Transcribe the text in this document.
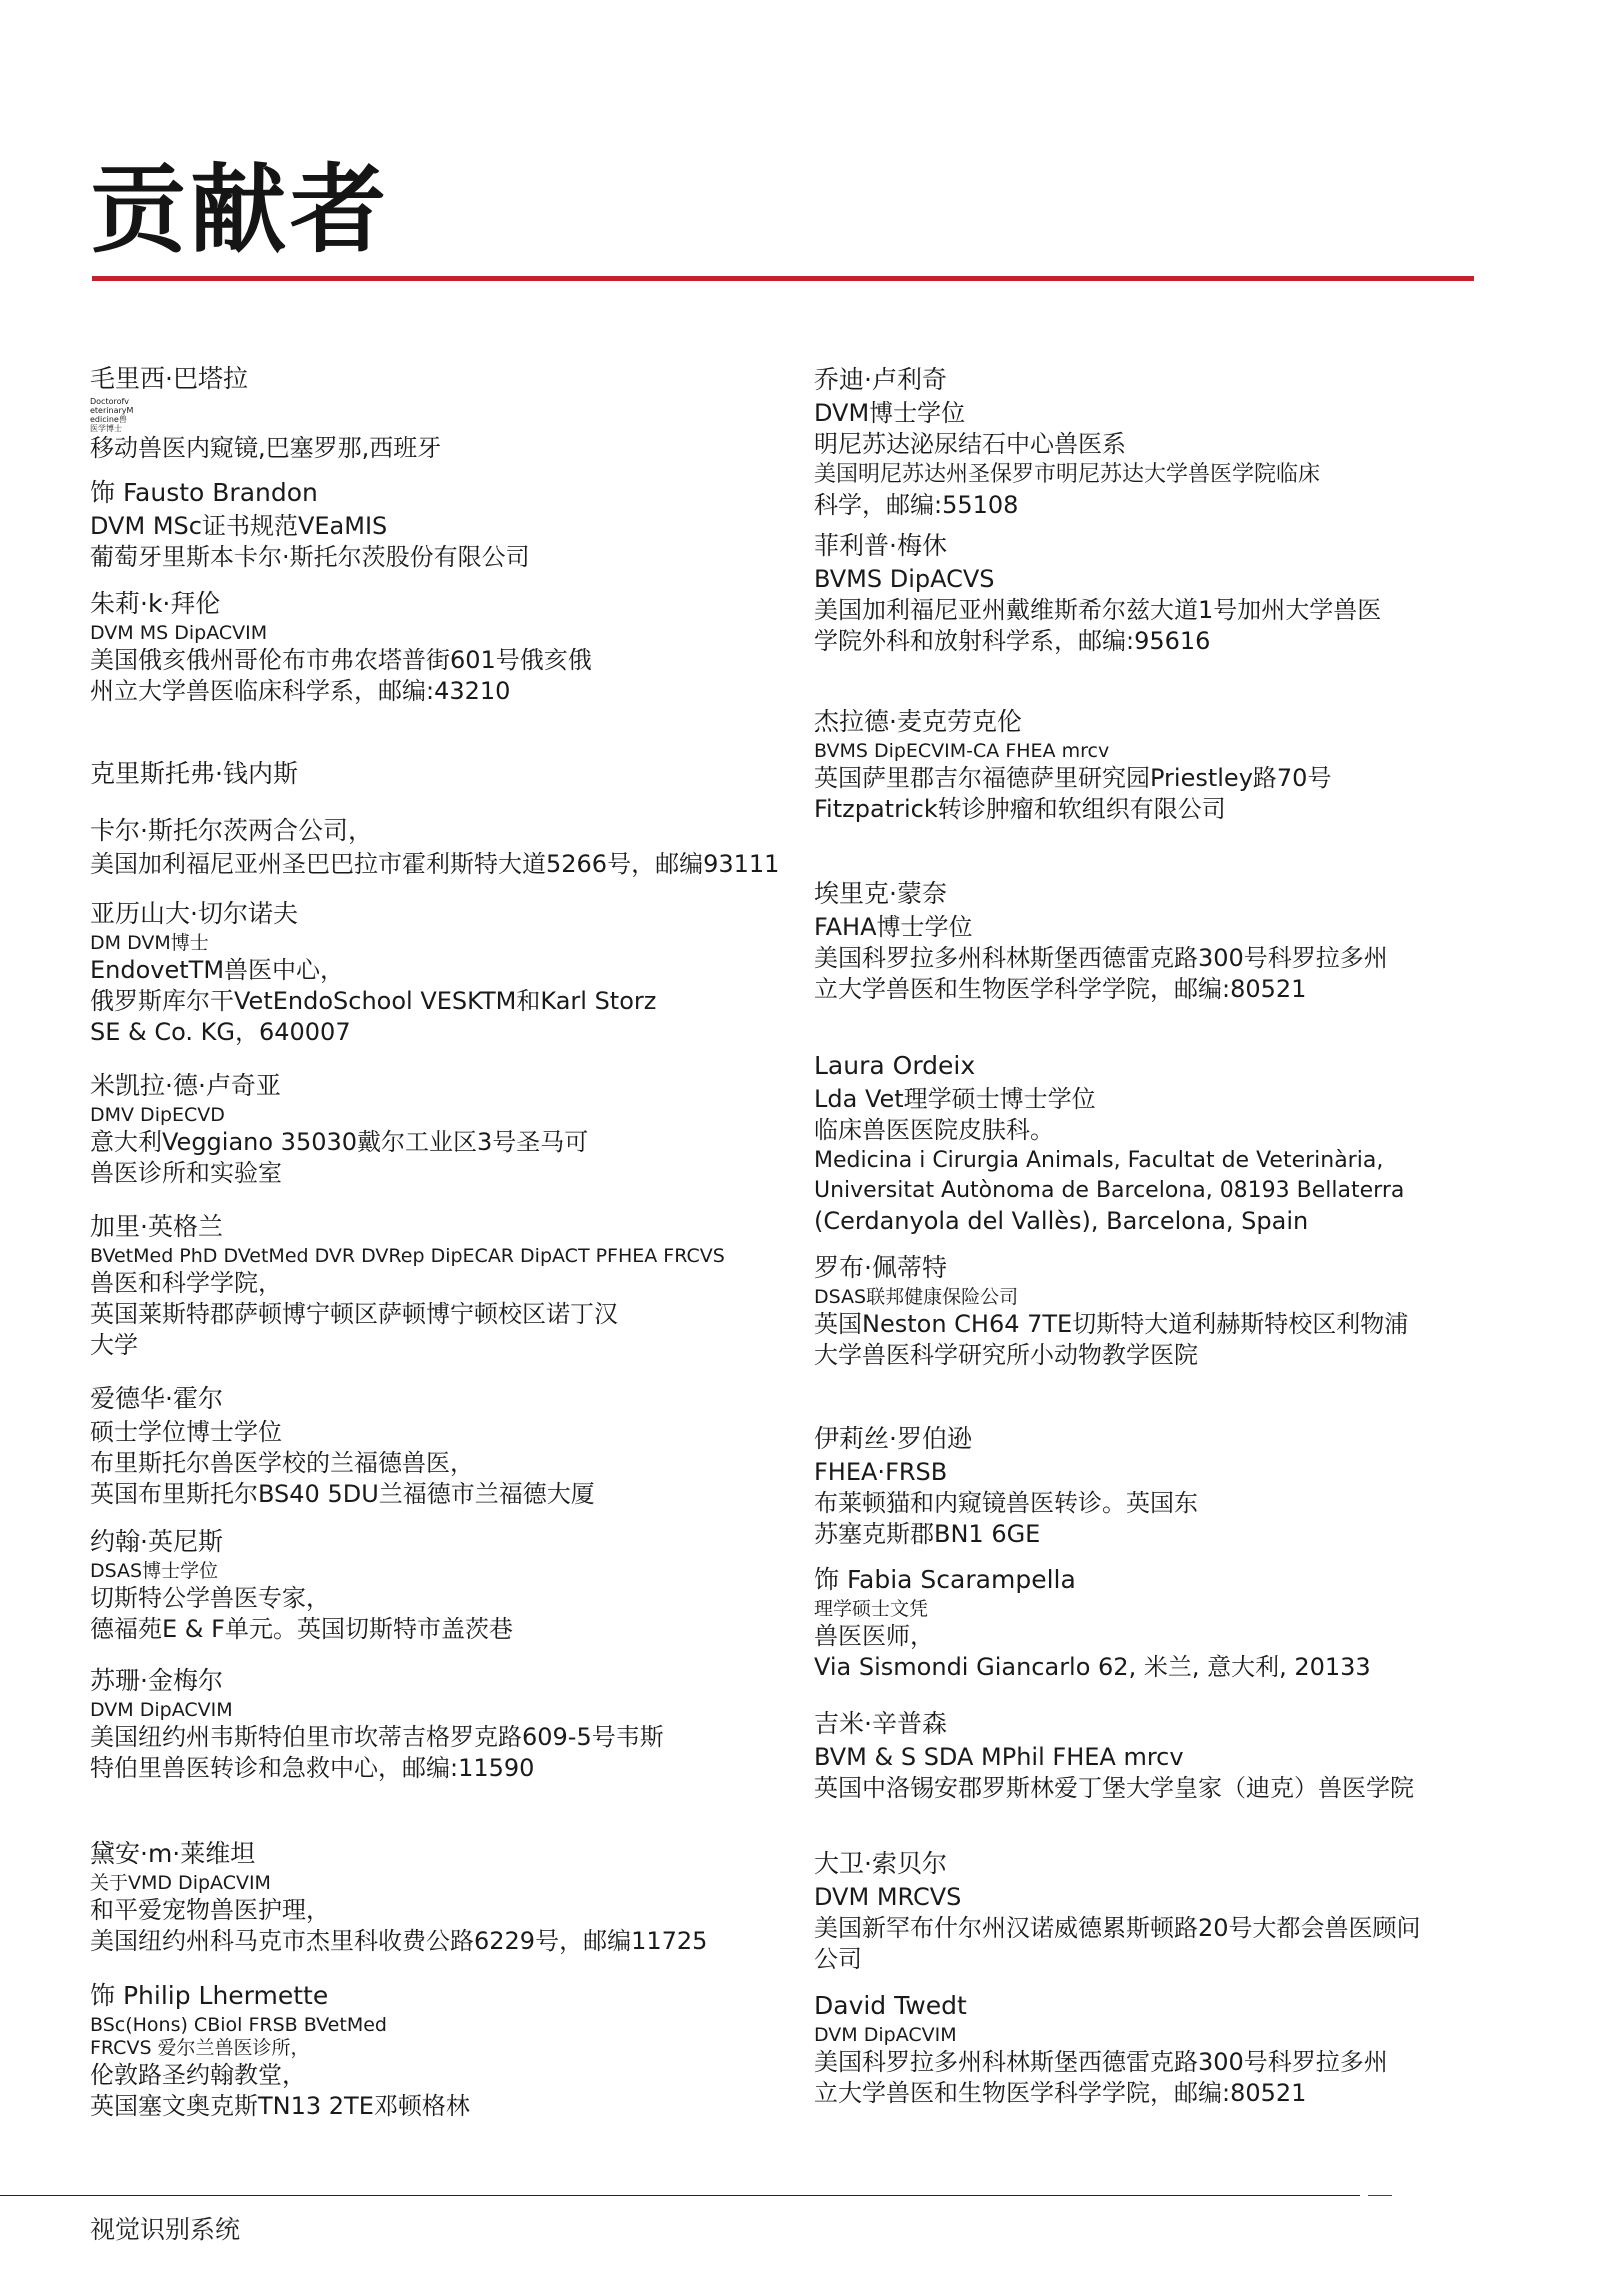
贡献者
毛里西·巴塔拉
Doctorofv
eterinaryM
edicine兽
医学博士
移动兽医内窥镜,巴塞罗那,西班牙
饰 Fausto Brandon
DVM MSc证书规范VEaMIS
葡萄牙里斯本卡尔·斯托尔茨股份有限公司
朱莉·k·拜伦
DVM MS DipACVIM
美国俄亥俄州哥伦布市弗农塔普街601号俄亥俄
州立大学兽医临床科学系，邮编:43210
克里斯托弗·钱内斯
卡尔·斯托尔茨两合公司，
美国加利福尼亚州圣巴巴拉市霍利斯特大道5266号，邮编93111
亚历山大·切尔诺夫
DM DVM博士
EndovetTM兽医中心，
俄罗斯库尔干VetEndoSchool VESKTM和Karl Storz
SE & Co. KG，640007
米凯拉·德·卢奇亚
DMV DipECVD
意大利Veggiano 35030戴尔工业区3号圣马可
兽医诊所和实验室
加里·英格兰
BVetMed PhD DVetMed DVR DVRep DipECAR DipACT PFHEA FRCVS
兽医和科学学院，
英国莱斯特郡萨顿博宁顿区萨顿博宁顿校区诺丁汉
大学
爱德华·霍尔
硕士学位博士学位
布里斯托尔兽医学校的兰福德兽医，
英国布里斯托尔BS40 5DU兰福德市兰福德大厦
约翰·英尼斯
DSAS博士学位
切斯特公学兽医专家，
德福苑E & F单元。英国切斯特市盖茨巷
苏珊·金梅尔
DVM DipACVIM
美国纽约州韦斯特伯里市坎蒂吉格罗克路609-5号韦斯
特伯里兽医转诊和急救中心，邮编:11590
黛安·m·莱维坦
关于VMD DipACVIM
和平爱宠物兽医护理，
美国纽约州科马克市杰里科收费公路6229号，邮编11725
饰 Philip Lhermette
BSc(Hons) CBiol FRSB BVetMed
FRCVS 爱尔兰兽医诊所，
伦敦路圣约翰教堂，
英国塞文奥克斯TN13 2TE邓顿格林
乔迪·卢利奇
DVM博士学位
明尼苏达泌尿结石中心兽医系
美国明尼苏达州圣保罗市明尼苏达大学兽医学院临床
科学，邮编:55108
菲利普·梅休
BVMS DipACVS
美国加利福尼亚州戴维斯希尔兹大道1号加州大学兽医
学院外科和放射科学系，邮编:95616
杰拉德·麦克劳克伦
BVMS DipECVIM-CA FHEA mrcv
英国萨里郡吉尔福德萨里研究园Priestley路70号
Fitzpatrick转诊肿瘤和软组织有限公司
埃里克·蒙奈
FAHA博士学位
美国科罗拉多州科林斯堡西德雷克路300号科罗拉多州
立大学兽医和生物医学科学学院，邮编:80521
Laura Ordeix
Lda Vet理学硕士博士学位
临床兽医医院皮肤科。
Medicina i Cirurgia Animals, Facultat de Veterinària,
Universitat Autònoma de Barcelona, 08193 Bellaterra
(Cerdanyola del Vallès), Barcelona, Spain
罗布·佩蒂特
DSAS联邦健康保险公司
英国Neston CH64 7TE切斯特大道利赫斯特校区利物浦
大学兽医科学研究所小动物教学医院
伊莉丝·罗伯逊
FHEA·FRSB
布莱顿猫和内窥镜兽医转诊。英国东
苏塞克斯郡BN1 6GE
饰 Fabia Scarampella
理学硕士文凭
兽医医师，
Via Sismondi Giancarlo 62, 米兰, 意大利, 20133
吉米·辛普森
BVM & S SDA MPhil FHEA mrcv
英国中洛锡安郡罗斯林爱丁堡大学皇家（迪克）兽医学院
大卫·索贝尔
DVM MRCVS
美国新罕布什尔州汉诺威德累斯顿路20号大都会兽医顾问
公司
David Twedt
DVM DipACVIM
美国科罗拉多州科林斯堡西德雷克路300号科罗拉多州
立大学兽医和生物医学科学学院，邮编:80521
视觉识别系统
